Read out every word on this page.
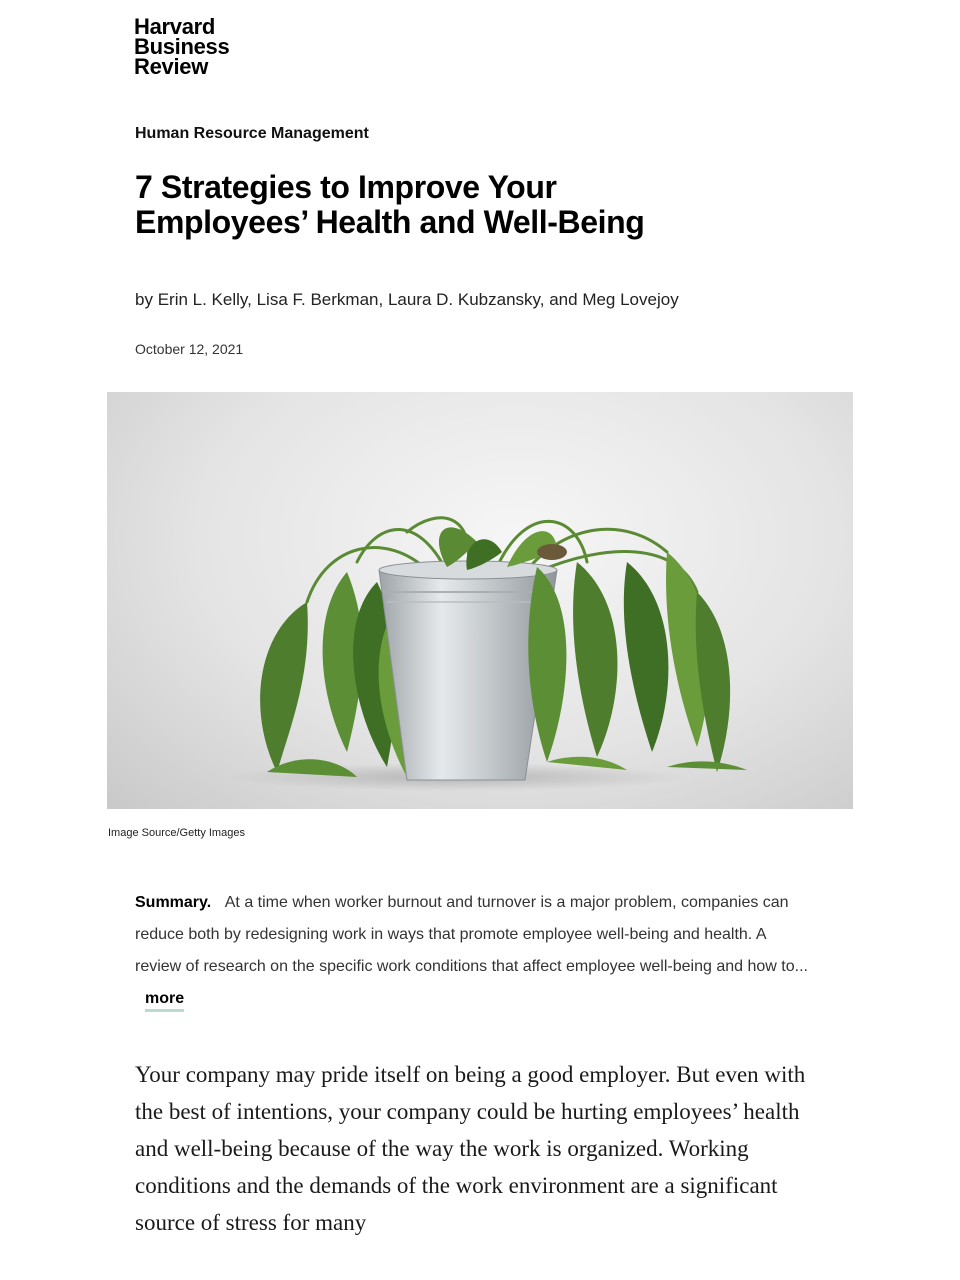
Harvard
Business
Review
Human Resource Management
7 Strategies to Improve Your Employees’ Health and Well-Being
by Erin L. Kelly, Lisa F. Berkman, Laura D. Kubzansky, and Meg Lovejoy
October 12, 2021
Image Source/Getty Images
Summary. At a time when worker burnout and turnover is a major problem, companies can reduce both by redesigning work in ways that promote employee well-being and health. A review of research on the specific work conditions that affect employee well-being and how to... more

Your company may pride itself on being a good employer. But even with the best of intentions, your company could be hurting employees’ health and well-being because of the way the work is organized. Working conditions and the demands of the work environment are a significant source of stress for many
